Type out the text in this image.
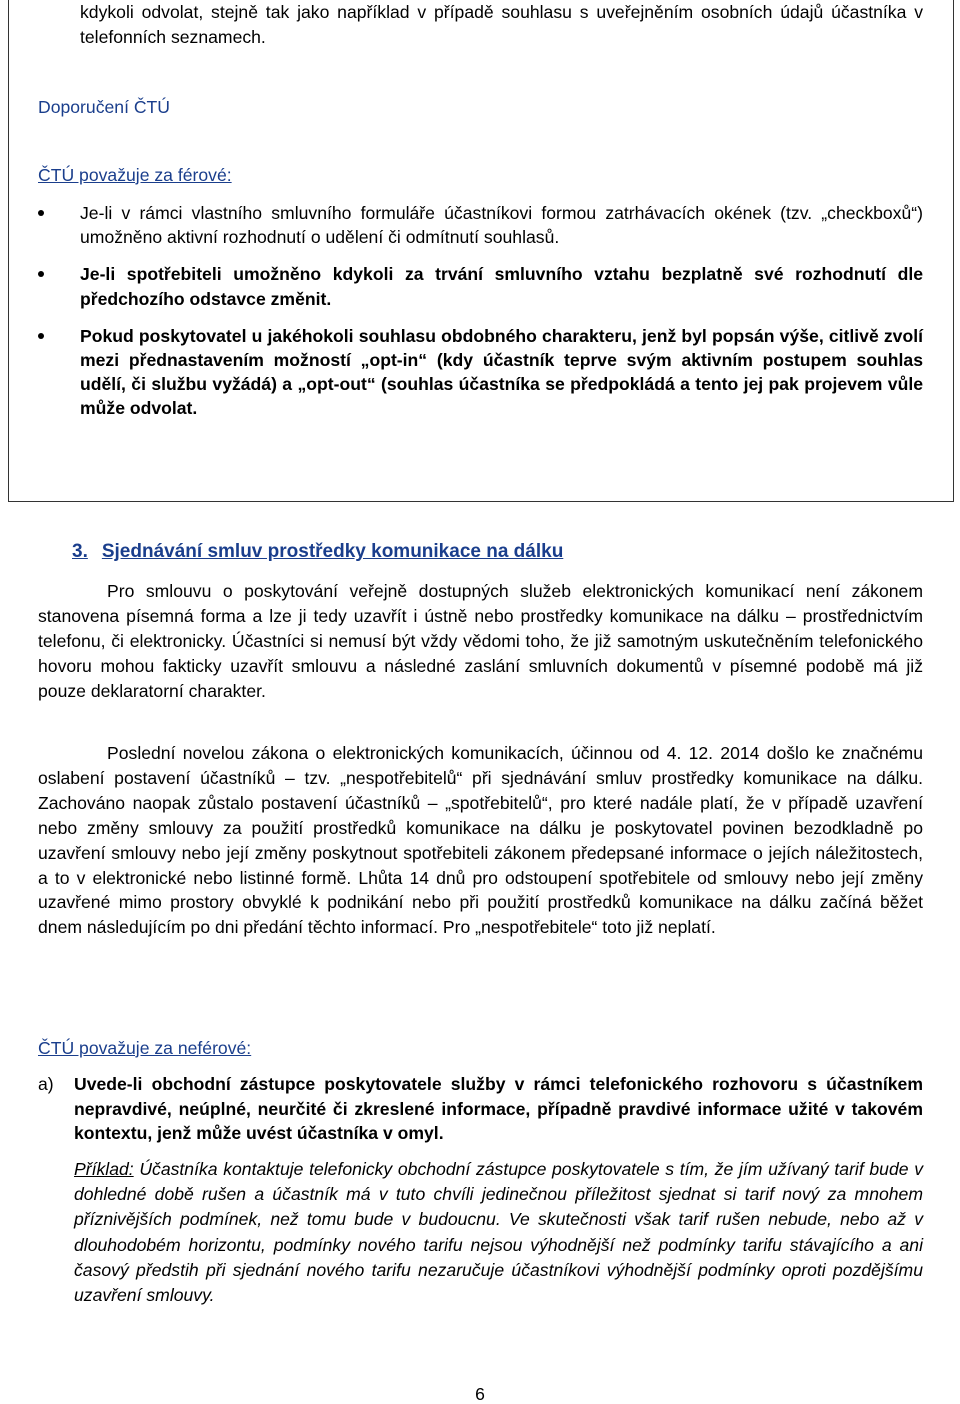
kdykoli odvolat, stejně tak jako například v případě souhlasu s uveřejněním osobních údajů účastníka v telefonních seznamech.

Doporučení ČTÚ

ČTÚ považuje za férové:

Je-li v rámci vlastního smluvního formuláře účastníkovi formou zatrhávacích okének (tzv. „checkboxů“) umožněno aktivní rozhodnutí o udělení či odmítnutí souhlasů.
Je-li spotřebiteli umožněno kdykoli za trvání smluvního vztahu bezplatně své rozhodnutí dle předchozího odstavce změnit.
Pokud poskytovatel u jakéhokoli souhlasu obdobného charakteru, jenž byl popsán výše, citlivě zvolí mezi přednastavením možností „opt-in“ (kdy účastník teprve svým aktivním postupem souhlas udělí, či službu vyžádá) a „opt-out“ (souhlas účastníka se předpokládá a tento jej pak projevem vůle může odvolat.
3. Sjednávání smluv prostředky komunikace na dálku

Pro smlouvu o poskytování veřejně dostupných služeb elektronických komunikací není zákonem stanovena písemná forma a lze ji tedy uzavřít i ústně nebo prostředky komunikace na dálku – prostřednictvím telefonu, či elektronicky. Účastníci si nemusí být vždy vědomi toho, že již samotným uskutečněním telefonického hovoru mohou fakticky uzavřít smlouvu a následné zaslání smluvních dokumentů v písemné podobě má již pouze deklaratorní charakter.

Poslední novelou zákona o elektronických komunikacích, účinnou od 4. 12. 2014 došlo ke značnému oslabení postavení účastníků – tzv. „nespotřebitelů“ při sjednávání smluv prostředky komunikace na dálku. Zachováno naopak zůstalo postavení účastníků – „spotřebitelů“, pro které nadále platí, že v případě uzavření nebo změny smlouvy za použití prostředků komunikace na dálku je poskytovatel povinen bezodkladně po uzavření smlouvy nebo její změny poskytnout spotřebiteli zákonem předepsané informace o jejích náležitostech, a to v elektronické nebo listinné formě. Lhůta 14 dnů pro odstoupení spotřebitele od smlouvy nebo její změny uzavřené mimo prostory obvyklé k podnikání nebo při použití prostředků komunikace na dálku začíná běžet dnem následujícím po dni předání těchto informací. Pro „nespotřebitele“ toto již neplatí.

ČTÚ považuje za neférové:

a) Uvede-li obchodní zástupce poskytovatele služby v rámci telefonického rozhovoru s účastníkem nepravdivé, neúplné, neurčité či zkreslené informace, případně pravdivé informace užité v takovém kontextu, jenž může uvést účastníka v omyl.

Příklad: Účastníka kontaktuje telefonicky obchodní zástupce poskytovatele s tím, že jím užívaný tarif bude v dohledné době rušen a účastník má v tuto chvíli jedinečnou příležitost sjednat si tarif nový za mnohem příznivějších podmínek, než tomu bude v budoucnu. Ve skutečnosti však tarif rušen nebude, nebo až v dlouhodobém horizontu, podmínky nového tarifu nejsou výhodnější než podmínky tarifu stávajícího a ani časový předstih při sjednání nového tarifu nezaručuje účastníkovi výhodnější podmínky oproti pozdějšímu uzavření smlouvy.

6
